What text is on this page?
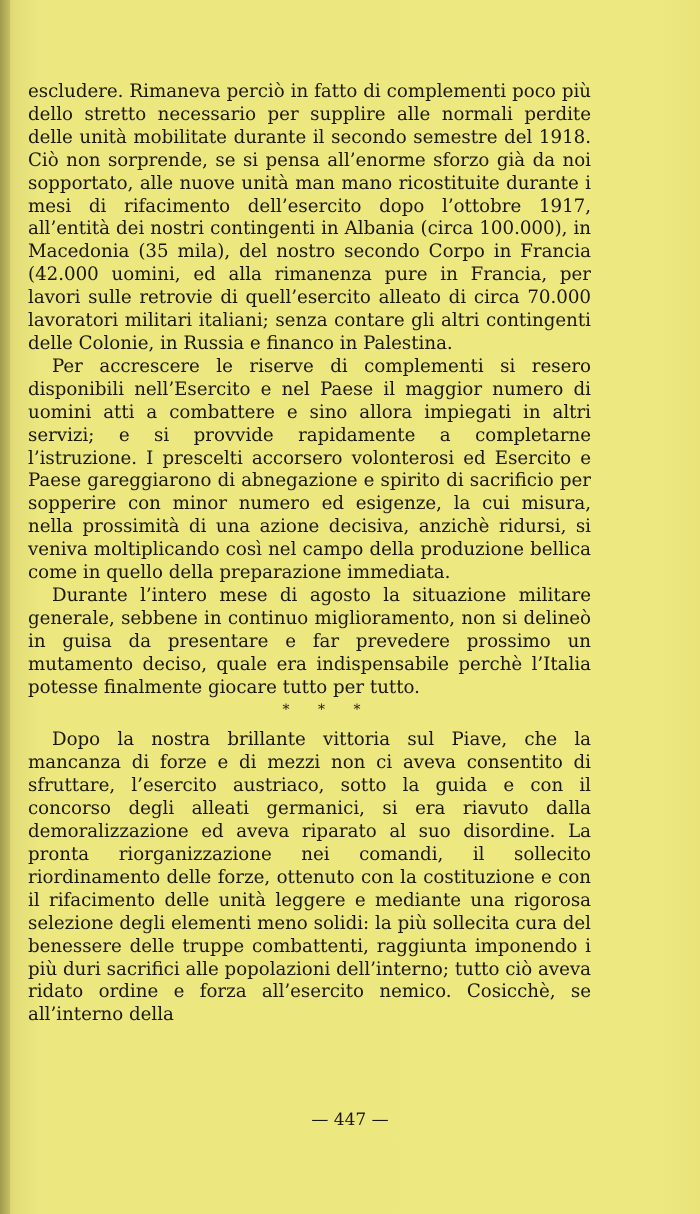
escludere. Rimaneva perciò in fatto di complementi poco più dello stretto necessario per supplire alle normali perdite delle unità mobilitate durante il secondo semestre del 1918. Ciò non sorprende, se si pensa all’enorme sforzo già da noi sopportato, alle nuove unità man mano ricostituite durante i mesi di rifacimento dell’esercito dopo l’ottobre 1917, all’entità dei nostri contingenti in Albania (circa 100.000), in Macedonia (35 mila), del nostro secondo Corpo in Francia (42.000 uomini, ed alla rimanenza pure in Francia, per lavori sulle retrovie di quell’esercito alleato di circa 70.000 lavoratori militari italiani; senza contare gli altri contingenti delle Colonie, in Russia e financo in Palestina.

Per accrescere le riserve di complementi si resero disponibili nell’Esercito e nel Paese il maggior numero di uomini atti a combattere e sino allora impiegati in altri servizi; e si provvide rapidamente a completarne l’istruzione. I prescelti accorsero volonterosi ed Esercito e Paese gareggiarono di abnegazione e spirito di sacrificio per sopperire con minor numero ed esigenze, la cui misura, nella prossimità di una azione decisiva, anzichè ridursi, si veniva moltiplicando così nel campo della produzione bellica come in quello della preparazione immediata.

Durante l’intero mese di agosto la situazione militare generale, sebbene in continuo miglioramento, non si delineò in guisa da presentare e far prevedere prossimo un mutamento deciso, quale era indispensabile perchè l’Italia potesse finalmente giocare tutto per tutto.

* * *

Dopo la nostra brillante vittoria sul Piave, che la mancanza di forze e di mezzi non ci aveva consentito di sfruttare, l’esercito austriaco, sotto la guida e con il concorso degli alleati germanici, si era riavuto dalla demoralizzazione ed aveva riparato al suo disordine. La pronta riorganizzazione nei comandi, il sollecito riordinamento delle forze, ottenuto con la costituzione e con il rifacimento delle unità leggere e mediante una rigorosa selezione degli elementi meno solidi: la più sollecita cura del benessere delle truppe combattenti, raggiunta imponendo i più duri sacrifici alle popolazioni dell’interno; tutto ciò aveva ridato ordine e forza all’esercito nemico. Cosicchè, se all’interno della

— 447 —
